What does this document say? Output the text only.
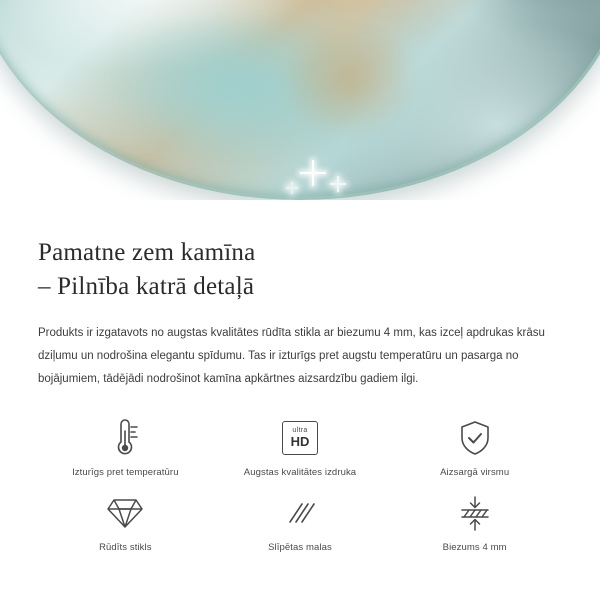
Pamatne zem kamīna
– Pilnība katrā detaļā

Produkts ir izgatavots no augstas kvalitātes rūdīta stikla ar biezumu 4 mm, kas izceļ apdrukas krāsu dziļumu un nodrošina elegantu spīdumu. Tas ir izturīgs pret augstu temperatūru un pasarga no bojājumiem, tādējādi nodrošinot kamīna apkārtnes aizsardzību gadiem ilgi.

Izturīgs pret temperatūru
ultra
HD
Augstas kvalitātes izdruka	Aizsargā virsmu
Rūdīts stikls	Slīpētas malas	Biezums 4 mm
